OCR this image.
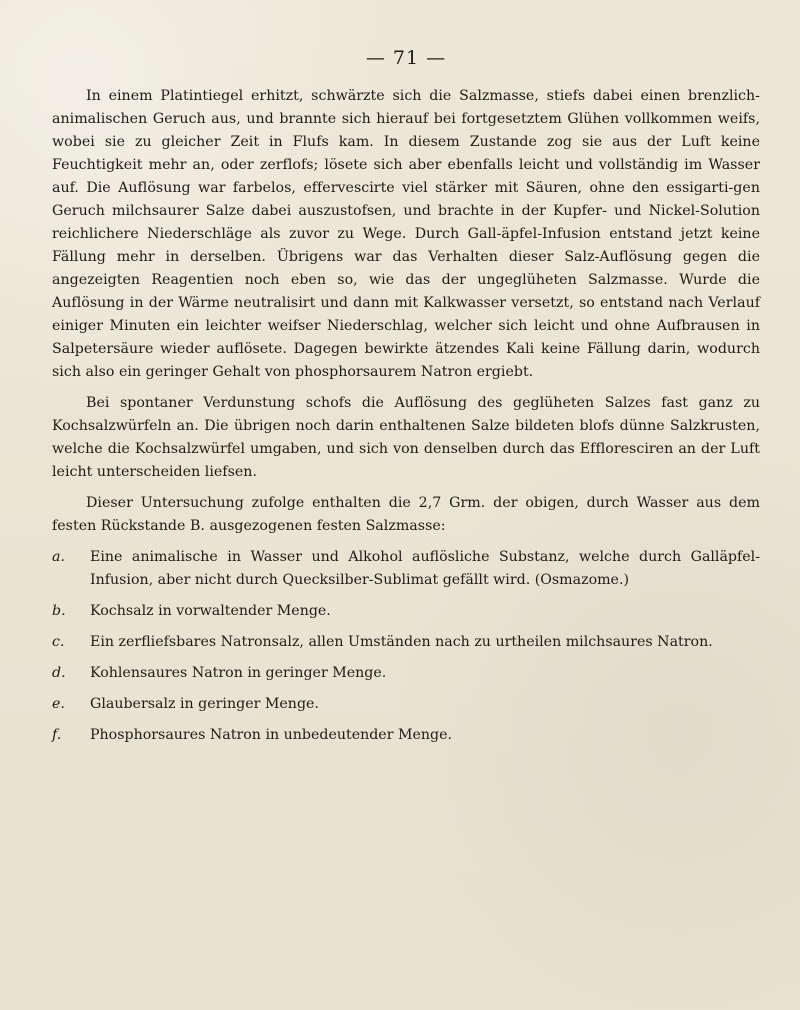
— 71 —

In einem Platintiegel erhitzt, schwärzte sich die Salzmasse, stiefs dabei einen brenzlich-animalischen Geruch aus, und brannte sich hierauf bei fortgesetztem Glühen vollkommen weifs, wobei sie zu gleicher Zeit in Flufs kam. In diesem Zustande zog sie aus der Luft keine Feuchtigkeit mehr an, oder zerflofs; lösete sich aber ebenfalls leicht und vollständig im Wasser auf. Die Auflösung war farbelos, effervescirte viel stärker mit Säuren, ohne den essigarti-gen Geruch milchsaurer Salze dabei auszustofsen, und brachte in der Kupfer- und Nickel-Solution reichlichere Niederschläge als zuvor zu Wege. Durch Gall-äpfel-Infusion entstand jetzt keine Fällung mehr in derselben. Übrigens war das Verhalten dieser Salz-Auflösung gegen die angezeigten Reagentien noch eben so, wie das der ungeglüheten Salzmasse. Wurde die Auflösung in der Wärme neutralisirt und dann mit Kalkwasser versetzt, so entstand nach Verlauf einiger Minuten ein leichter weifser Niederschlag, welcher sich leicht und ohne Aufbrausen in Salpetersäure wieder auflösete. Dagegen bewirkte ätzendes Kali keine Fällung darin, wodurch sich also ein geringer Gehalt von phosphorsaurem Natron ergiebt.

Bei spontaner Verdunstung schofs die Auflösung des geglüheten Salzes fast ganz zu Kochsalzwürfeln an. Die übrigen noch darin enthaltenen Salze bildeten blofs dünne Salzkrusten, welche die Kochsalzwürfel umgaben, und sich von denselben durch das Effloresciren an der Luft leicht unterscheiden liefsen.

Dieser Untersuchung zufolge enthalten die 2,7 Grm. der obigen, durch Wasser aus dem festen Rückstande B. ausgezogenen festen Salzmasse:

a.	Eine animalische in Wasser und Alkohol auflösliche Substanz, welche durch Galläpfel-Infusion, aber nicht durch Quecksilber-Sublimat gefällt wird. (Osmazome.)
b.	Kochsalz in vorwaltender Menge.
c.	Ein zerfliefsbares Natronsalz, allen Umständen nach zu urtheilen milchsaures Natron.
d.	Kohlensaures Natron in geringer Menge.
e.	Glaubersalz in geringer Menge.
f.	Phosphorsaures Natron in unbedeutender Menge.
